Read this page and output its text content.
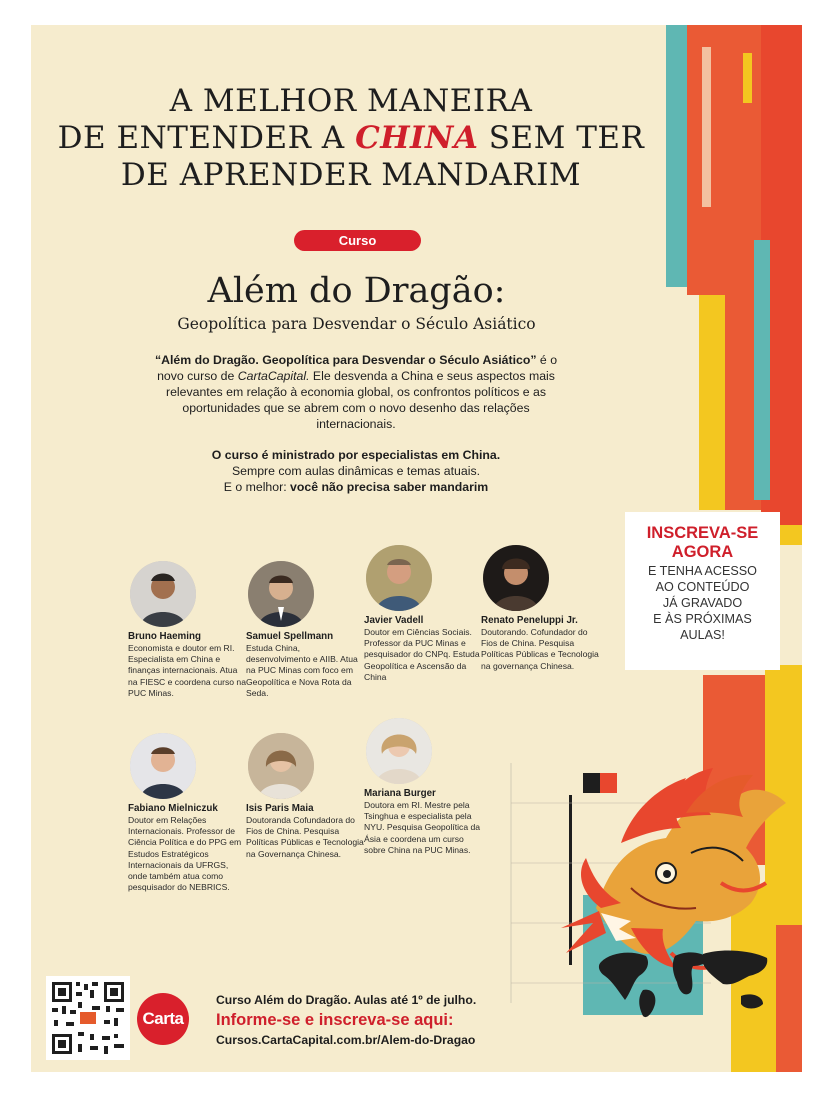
A MELHOR MANEIRA
DE ENTENDER A CHINA SEM TER
DE APRENDER MANDARIM
Curso
Além do Dragão:
Geopolítica para Desvendar o Século Asiático
“Além do Dragão. Geopolítica para Desvendar o Século Asiático” é o novo curso de CartaCapital. Ele desvenda a China e seus aspectos mais relevantes em relação à economia global, os confrontos políticos e as oportunidades que se abrem com o novo desenho das relações internacionais.
O curso é ministrado por especialistas em China.
Sempre com aulas dinâmicas e temas atuais.
E o melhor: você não precisa saber mandarim
INSCREVA-SE
AGORA
E TENHA ACESSO
AO CONTEÚDO
JÁ GRAVADO
E ÀS PRÓXIMAS
AULAS!
Bruno Haeming
Economista e doutor em RI. Especialista em China e finanças internacionais. Atua na FIESC e coordena curso na PUC Minas.
Samuel Spellmann
Estuda China, desenvolvimento e AIIB. Atua na PUC Minas com foco em Geopolítica e Nova Rota da Seda.
Javier Vadell
Doutor em Ciências Sociais. Professor da PUC Minas e pesquisador do CNPq. Estuda Geopolítica e Ascensão da China
Renato Peneluppi Jr.
Doutorando. Cofundador do Fios de China. Pesquisa Políticas Públicas e Tecnologia na governança Chinesa.
Fabiano Mielniczuk
Doutor em Relações Internacionais. Professor de Ciência Política e do PPG em Estudos Estratégicos Internacionais da UFRGS, onde também atua como pesquisador do NEBRICS.
Isis Paris Maia
Doutoranda Cofundadora do Fios de China. Pesquisa Políticas Públicas e Tecnologia na Governança Chinesa.
Mariana Burger
Doutora em RI. Mestre pela Tsinghua e especialista pela NYU. Pesquisa Geopolítica da Ásia e coordena um curso sobre China na PUC Minas.
Carta
Curso Além do Dragão. Aulas até 1º de julho.
Informe-se e inscreva-se aqui:
Cursos.CartaCapital.com.br/Alem-do-Dragao
